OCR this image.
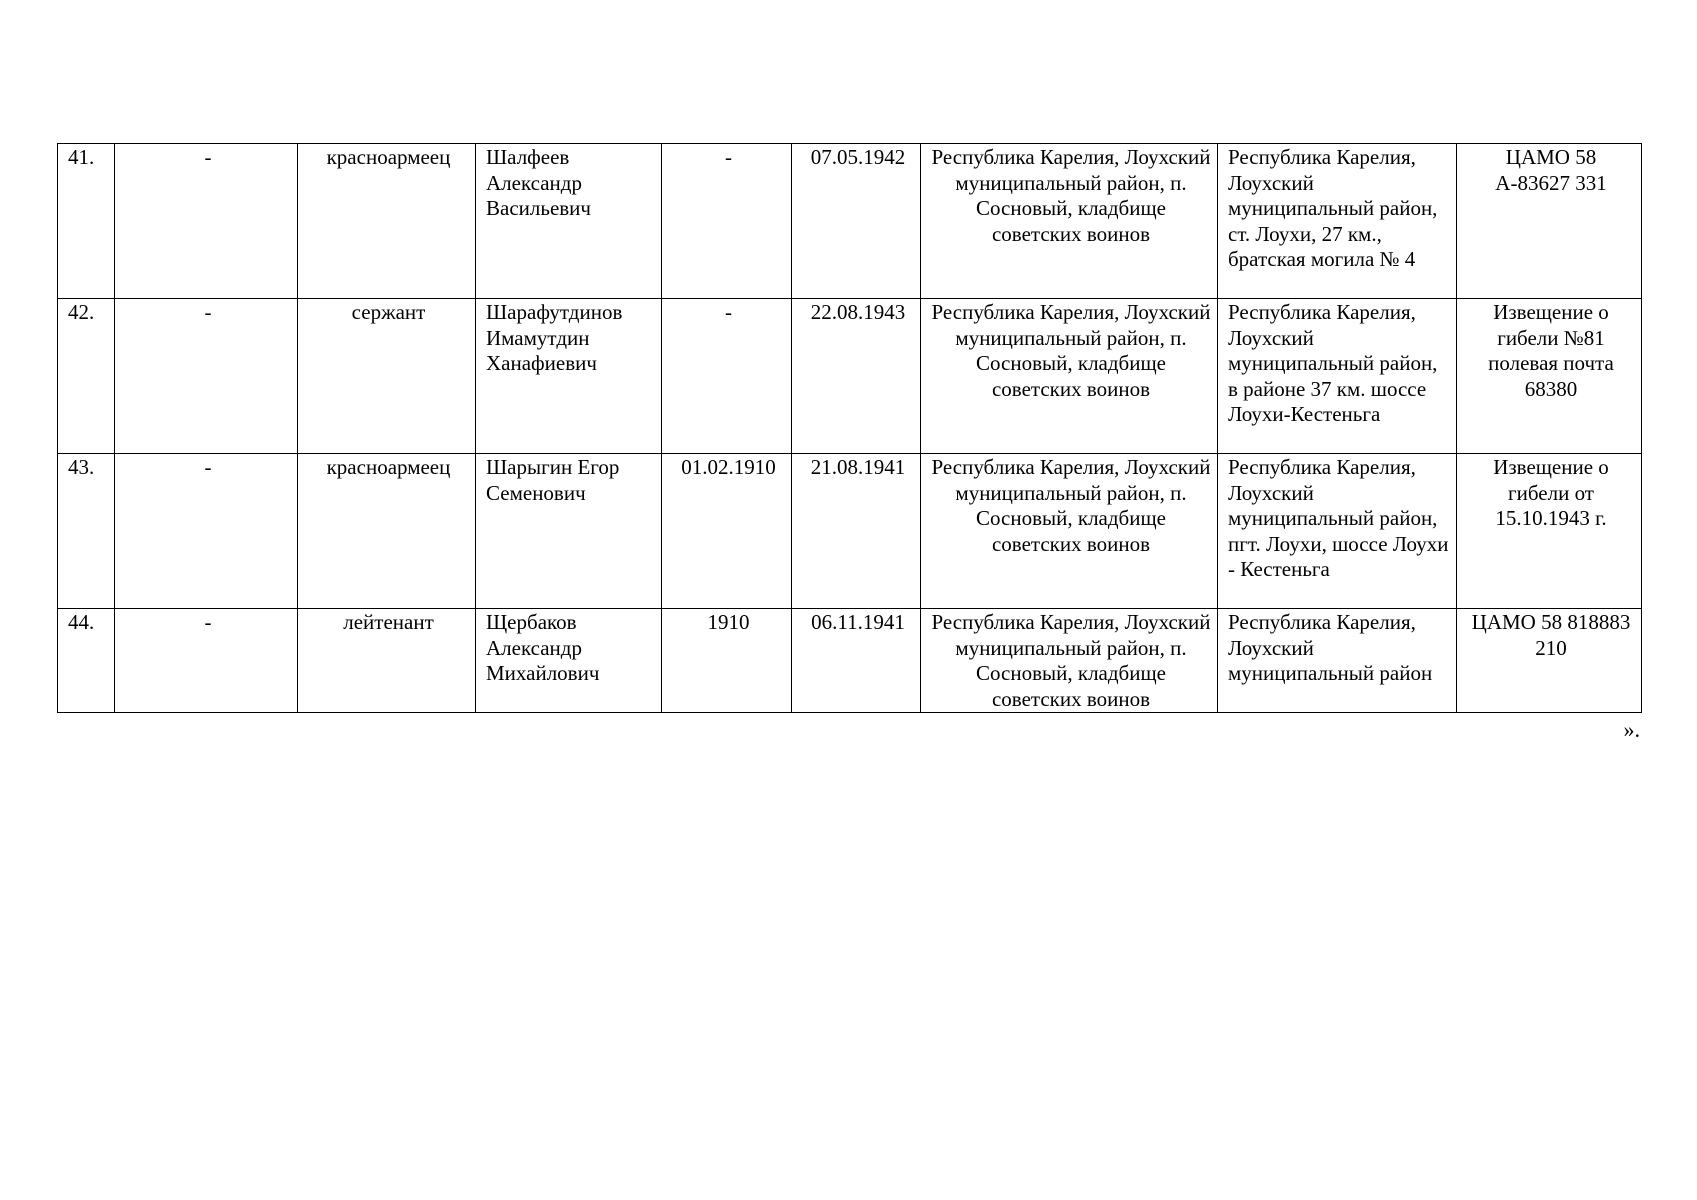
41.	-	красноармеец	Шалфеев Александр Васильевич	-	07.05.1942	Республика Карелия, Лоухский муниципальный район, п. Сосновый, кладбище советских воинов	Республика Карелия, Лоухский муниципальный район, ст. Лоухи, 27 км., братская могила № 4	ЦАМО 58 А-83627 331
42.	-	сержант	Шарафутдинов Имамутдин Ханафиевич	-	22.08.1943	Республика Карелия, Лоухский муниципальный район, п. Сосновый, кладбище советских воинов	Республика Карелия, Лоухский муниципальный район, в районе 37 км. шоссе Лоухи-Кестеньга	Извещение о гибели №81 полевая почта 68380
43.	-	красноармеец	Шарыгин Егор Семенович	01.02.1910	21.08.1941	Республика Карелия, Лоухский муниципальный район, п. Сосновый, кладбище советских воинов	Республика Карелия, Лоухский муниципальный район, пгт. Лоухи, шоссе Лоухи - Кестеньга	Извещение о гибели от 15.10.1943 г.
44.	-	лейтенант	Щербаков Александр Михайлович	1910	06.11.1941	Республика Карелия, Лоухский муниципальный район, п. Сосновый, кладбище советских воинов	Республика Карелия, Лоухский муниципальный район	ЦАМО 58 818883 210
».
